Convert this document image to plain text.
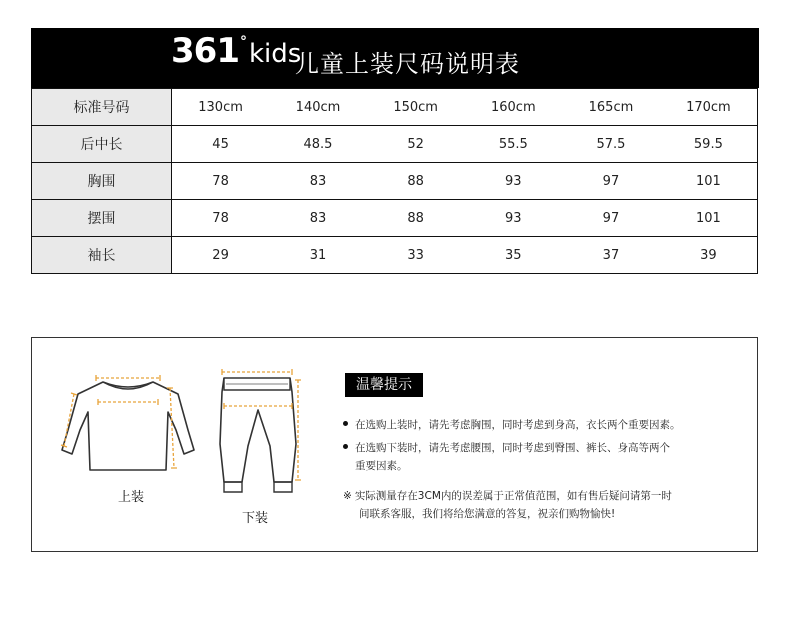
361°kids
儿童上装尺码说明表
标准号码	130cm	140cm	150cm	160cm	165cm	170cm
后中长	45	48.5	52	55.5	57.5	59.5
胸围	78	83	88	93	97	101
摆围	78	83	88	93	97	101
袖长	29	31	33	35	37	39
上装
下装
温馨提示
在选购上装时，请先考虑胸围，同时考虑到身高，衣长两个重要因素。
在选购下装时，请先考虑腰围，同时考虑到臀围、裤长、身高等两个
重要因素。
※ 实际测量存在3CM内的误差属于正常值范围，如有售后疑问请第一时
间联系客服，我们将给您满意的答复，祝亲们购物愉快!
